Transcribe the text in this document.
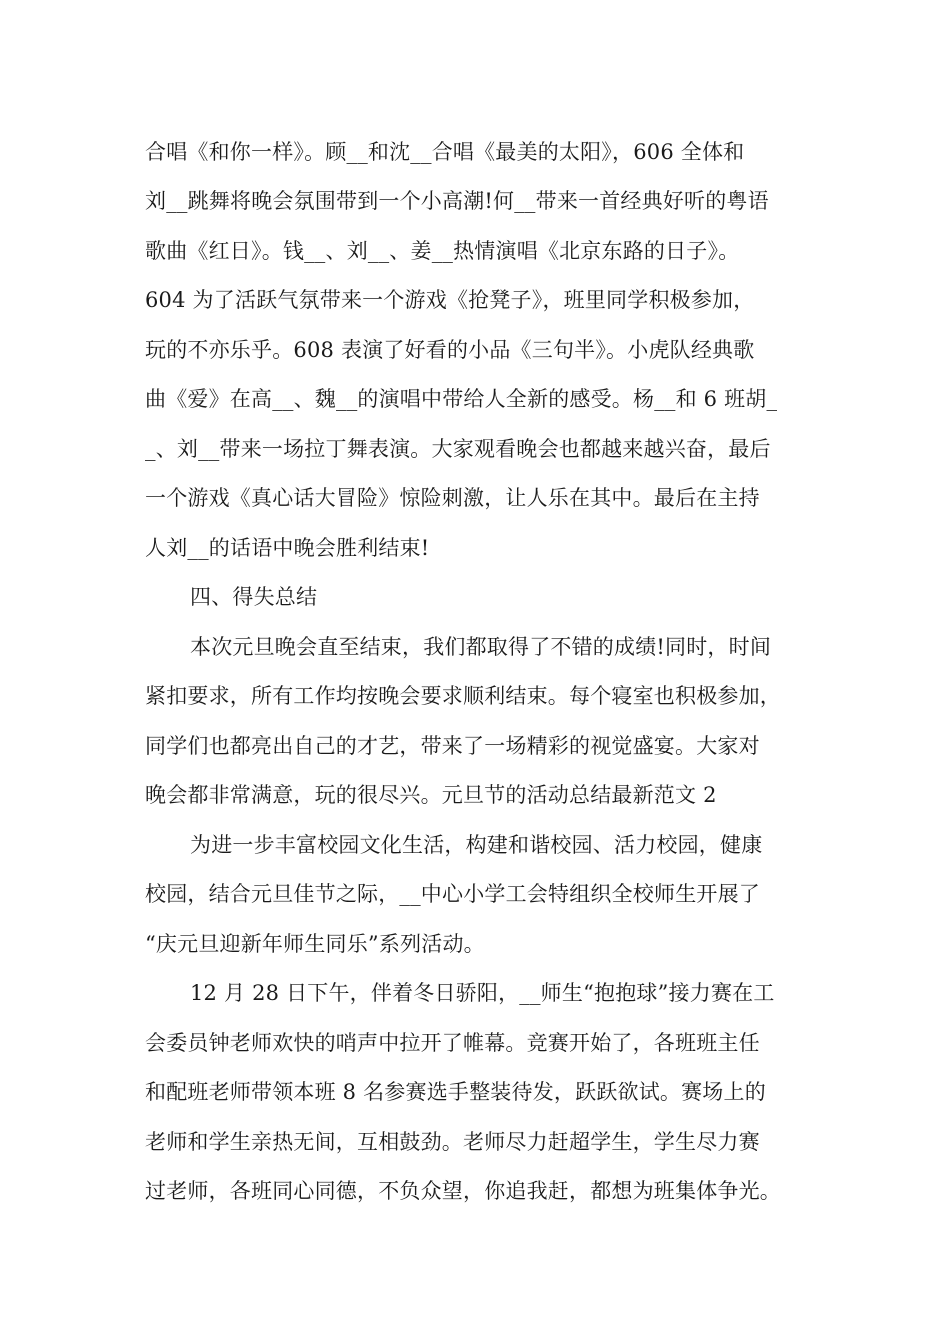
合唱《和你一样》。顾__和沈__合唱《最美的太阳》，606 全体和
刘__跳舞将晚会氛围带到一个小高潮!何__带来一首经典好听的粤语
歌曲《红日》。钱__、刘__、姜__热情演唱《北京东路的日子》。
604 为了活跃气氛带来一个游戏《抢凳子》，班里同学积极参加，
玩的不亦乐乎。608 表演了好看的小品《三句半》。小虎队经典歌
曲《爱》在高__、魏__的演唱中带给人全新的感受。杨__和 6 班胡_
_、刘__带来一场拉丁舞表演。大家观看晚会也都越来越兴奋，最后
一个游戏《真心话大冒险》惊险刺激，让人乐在其中。最后在主持
人刘__的话语中晚会胜利结束!
四、得失总结
本次元旦晚会直至结束，我们都取得了不错的成绩!同时，时间
紧扣要求，所有工作均按晚会要求顺利结束。每个寝室也积极参加，
同学们也都亮出自己的才艺，带来了一场精彩的视觉盛宴。大家对
晚会都非常满意，玩的很尽兴。元旦节的活动总结最新范文 2
为进一步丰富校园文化生活，构建和谐校园、活力校园，健康
校园，结合元旦佳节之际，__中心小学工会特组织全校师生开展了
“庆元旦迎新年师生同乐”系列活动。
12 月 28 日下午，伴着冬日骄阳，__师生“抱抱球”接力赛在工
会委员钟老师欢快的哨声中拉开了帷幕。竞赛开始了，各班班主任
和配班老师带领本班 8 名参赛选手整装待发，跃跃欲试。赛场上的
老师和学生亲热无间，互相鼓劲。老师尽力赶超学生，学生尽力赛
过老师，各班同心同德，不负众望，你追我赶，都想为班集体争光。
